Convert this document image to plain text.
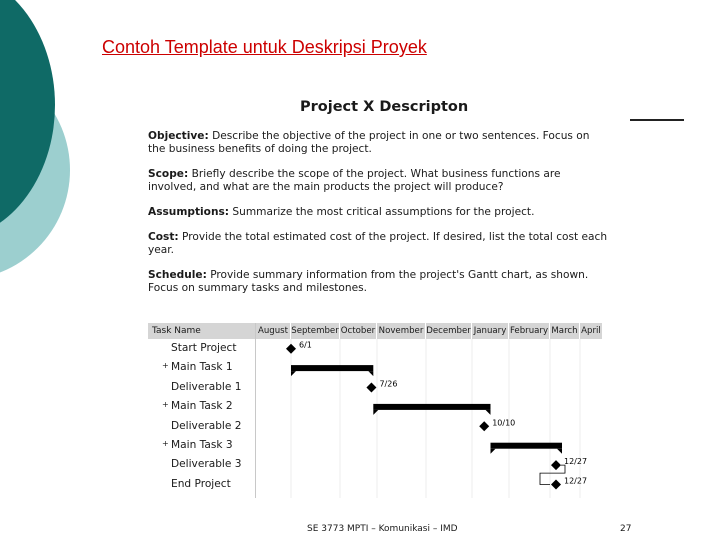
Contoh Template untuk Deskripsi Proyek
Project X Descripton
Objective: Describe the objective of the project in one or two sentences. Focus on the business benefits of doing the project.
Scope: Briefly describe the scope of the project. What business functions are involved, and what are the main products the project will produce?
Assumptions: Summarize the most critical assumptions for the project.
Cost: Provide the total estimated cost of the project. If desired, list the total cost each year.
Schedule: Provide summary information from the project's Gantt chart, as shown. Focus on summary tasks and milestones.
Task Name
Start Project
+ Main Task 1
Deliverable 1
+ Main Task 2
Deliverable 2
+ Main Task 3
Deliverable 3
End Project
August September October November December January February March April
6/1
7/26
10/10
12/27
12/27
SE 3773 MPTI – Komunikasi – IMD	27
